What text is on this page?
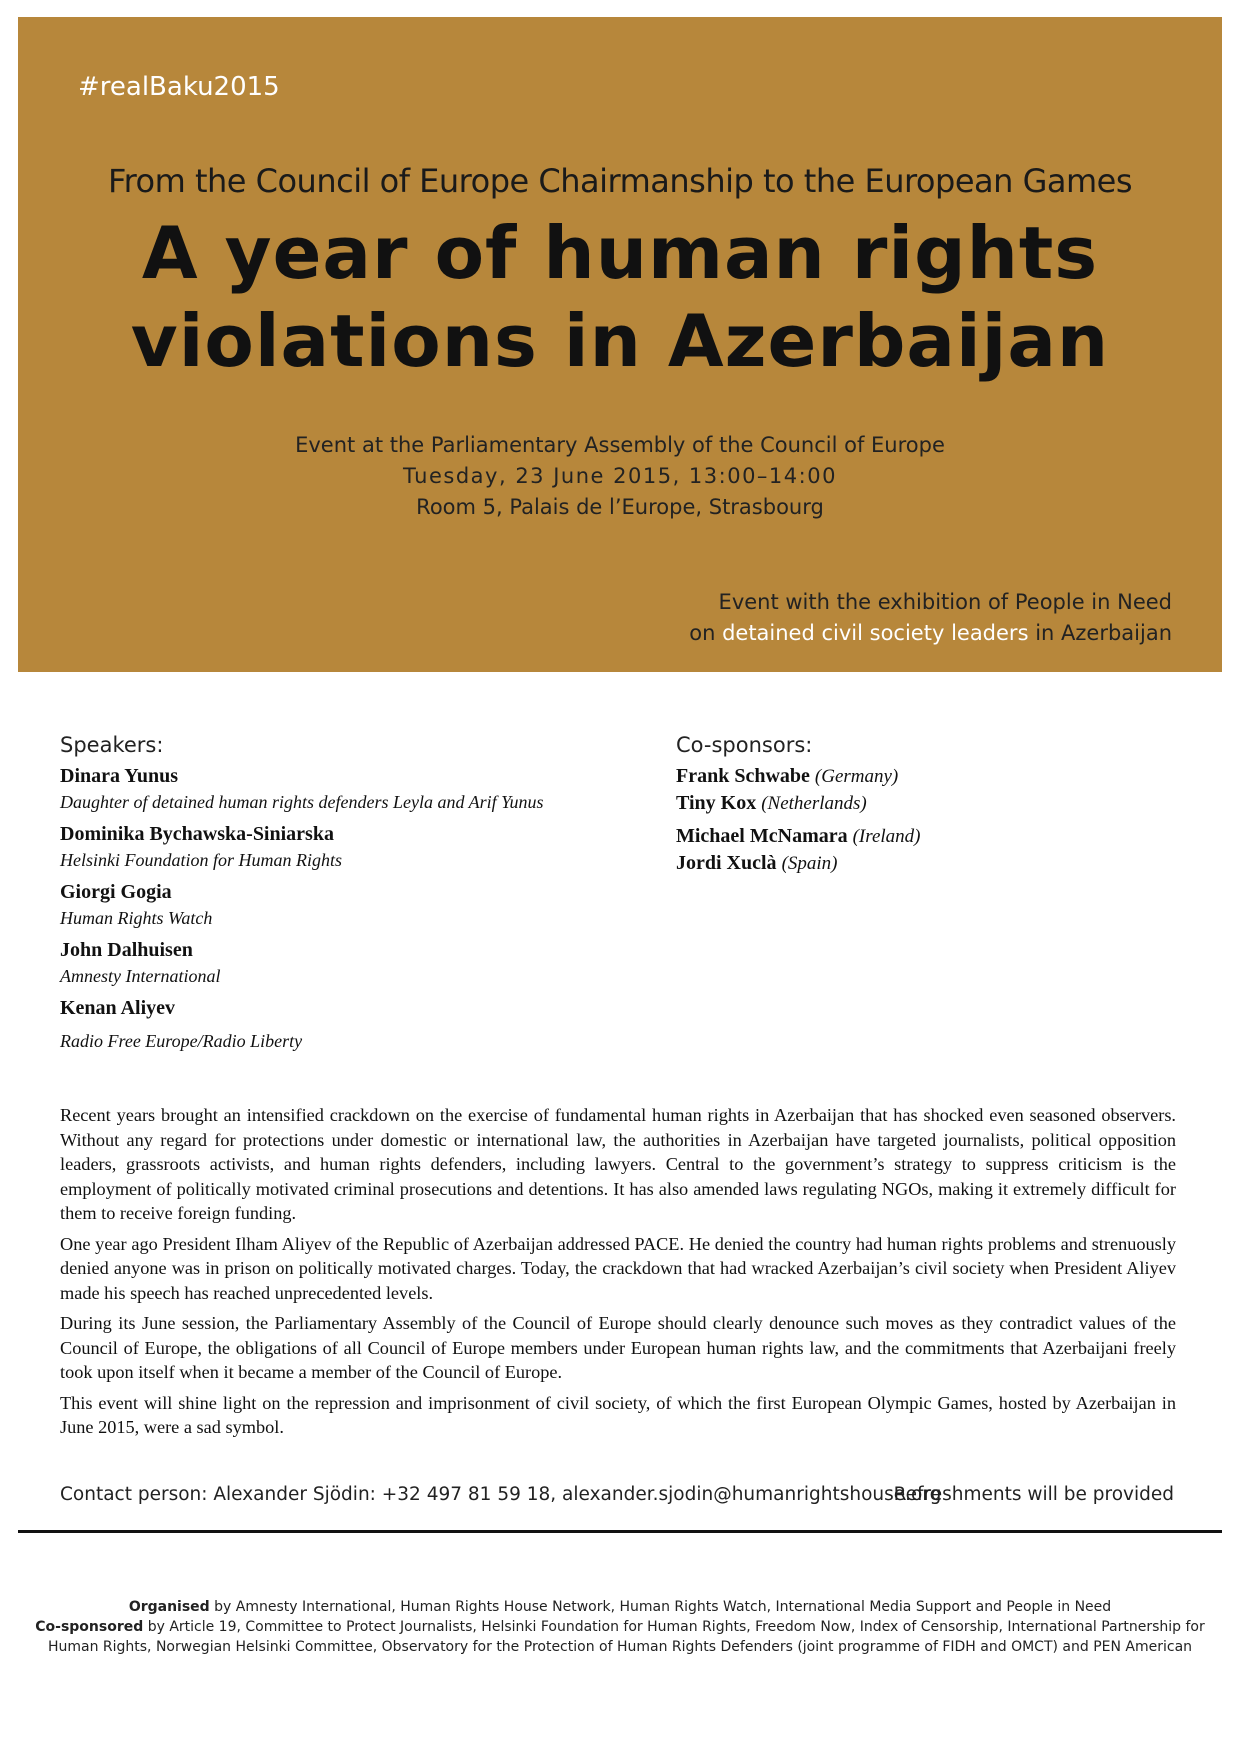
#realBaku2015
From the Council of Europe Chairmanship to the European Games
A year of human rights
violations in Azerbaijan
Event at the Parliamentary Assembly of the Council of Europe
Tuesday, 23 June 2015, 13:00–14:00
Room 5, Palais de l’Europe, Strasbourg
Event with the exhibition of People in Need
on detained civil society leaders in Azerbaijan
Speakers:
Dinara Yunus
Daughter of detained human rights defenders Leyla and Arif Yunus
Dominika Bychawska-Siniarska
Helsinki Foundation for Human Rights
Giorgi Gogia
Human Rights Watch
John Dalhuisen
Amnesty International
Kenan Aliyev
Radio Free Europe/Radio Liberty
Co-sponsors:
Frank Schwabe (Germany)
Tiny Kox (Netherlands)
Michael McNamara (Ireland)
Jordi Xuclà (Spain)

Recent years brought an intensified crackdown on the exercise of fundamental human rights in Azerbaijan that has shocked even seasoned observers. Without any regard for protections under domestic or international law, the authorities in Azerbaijan have targeted journalists, political opposition leaders, grassroots activists, and human rights defenders, including lawyers. Central to the government’s strategy to suppress criticism is the employment of politically motivated criminal prosecutions and detentions. It has also amended laws regulating NGOs, making it extremely difficult for them to receive foreign funding.

One year ago President Ilham Aliyev of the Republic of Azerbaijan addressed PACE. He denied the country had human rights problems and strenuously denied anyone was in prison on politically motivated charges. Today, the crackdown that had wracked Azerbaijan’s civil society when President Aliyev made his speech has reached unprecedented levels.

During its June session, the Parliamentary Assembly of the Council of Europe should clearly denounce such moves as they contradict values of the Council of Europe, the obligations of all Council of Europe members under European human rights law, and the commitments that Azerbaijani freely took upon itself when it became a member of the Council of Europe.

This event will shine light on the repression and imprisonment of civil society, of which the first European Olympic Games, hosted by Azerbaijan in June 2015, were a sad symbol.

Contact person: Alexander Sjödin: +32 497 81 59 18, alexander.sjodin@humanrightshouse.org
Refreshments will be provided
Organised by Amnesty International, Human Rights House Network, Human Rights Watch, International Media Support and People in Need
Co-sponsored by Article 19, Committee to Protect Journalists, Helsinki Foundation for Human Rights, Freedom Now, Index of Censorship, International Partnership for Human Rights, Norwegian Helsinki Committee, Observatory for the Protection of Human Rights Defenders (joint programme of FIDH and OMCT) and PEN American
